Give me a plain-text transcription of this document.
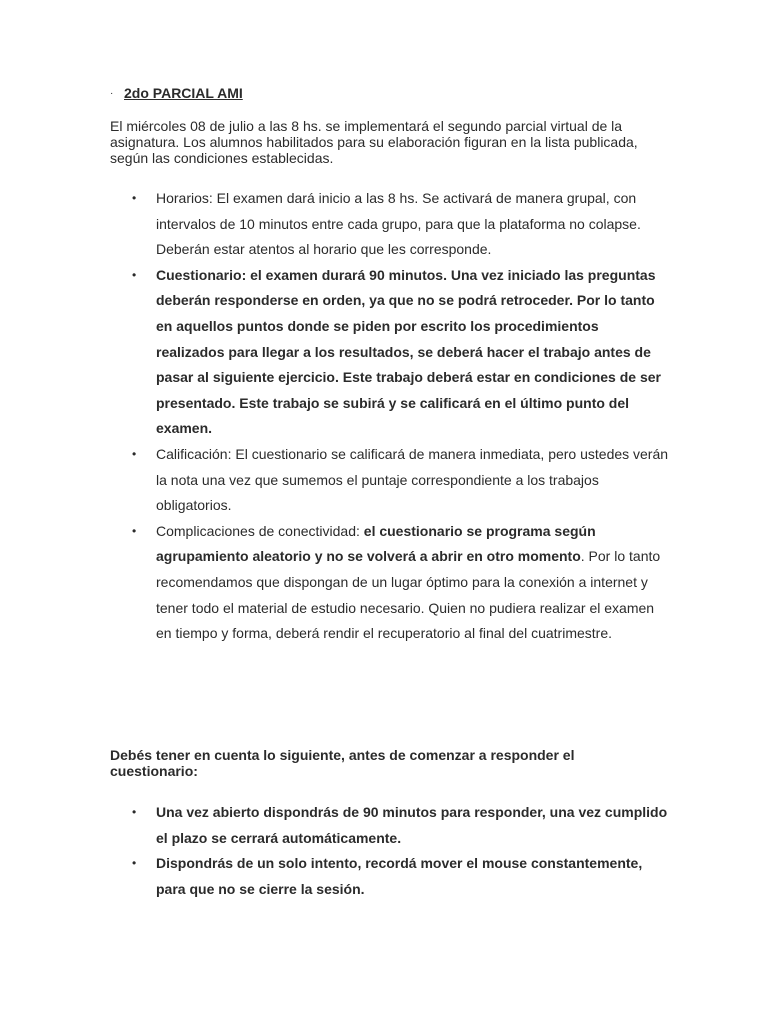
· 2do PARCIAL AMI

El miércoles 08 de julio a las 8 hs. se implementará el segundo parcial virtual de la asignatura. Los alumnos habilitados para su elaboración figuran en la lista publicada, según las condiciones establecidas.

• Horarios: El examen dará inicio a las 8 hs. Se activará de manera grupal, con intervalos de 10 minutos entre cada grupo, para que la plataforma no colapse. Deberán estar atentos al horario que les corresponde.
• Cuestionario: el examen durará 90 minutos. Una vez iniciado las preguntas deberán responderse en orden, ya que no se podrá retroceder. Por lo tanto en aquellos puntos donde se piden por escrito los procedimientos realizados para llegar a los resultados, se deberá hacer el trabajo antes de pasar al siguiente ejercicio. Este trabajo deberá estar en condiciones de ser presentado. Este trabajo se subirá y se calificará en el último punto del examen.
• Calificación: El cuestionario se calificará de manera inmediata, pero ustedes verán la nota una vez que sumemos el puntaje correspondiente a los trabajos obligatorios.
• Complicaciones de conectividad: el cuestionario se programa según agrupamiento aleatorio y no se volverá a abrir en otro momento. Por lo tanto recomendamos que dispongan de un lugar óptimo para la conexión a internet y tener todo el material de estudio necesario. Quien no pudiera realizar el examen en tiempo y forma, deberá rendir el recuperatorio al final del cuatrimestre.

Debés tener en cuenta lo siguiente, antes de comenzar a responder el cuestionario:

• Una vez abierto dispondrás de 90 minutos para responder, una vez cumplido el plazo se cerrará automáticamente.
• Dispondrás de un solo intento, recordá mover el mouse constantemente, para que no se cierre la sesión.
